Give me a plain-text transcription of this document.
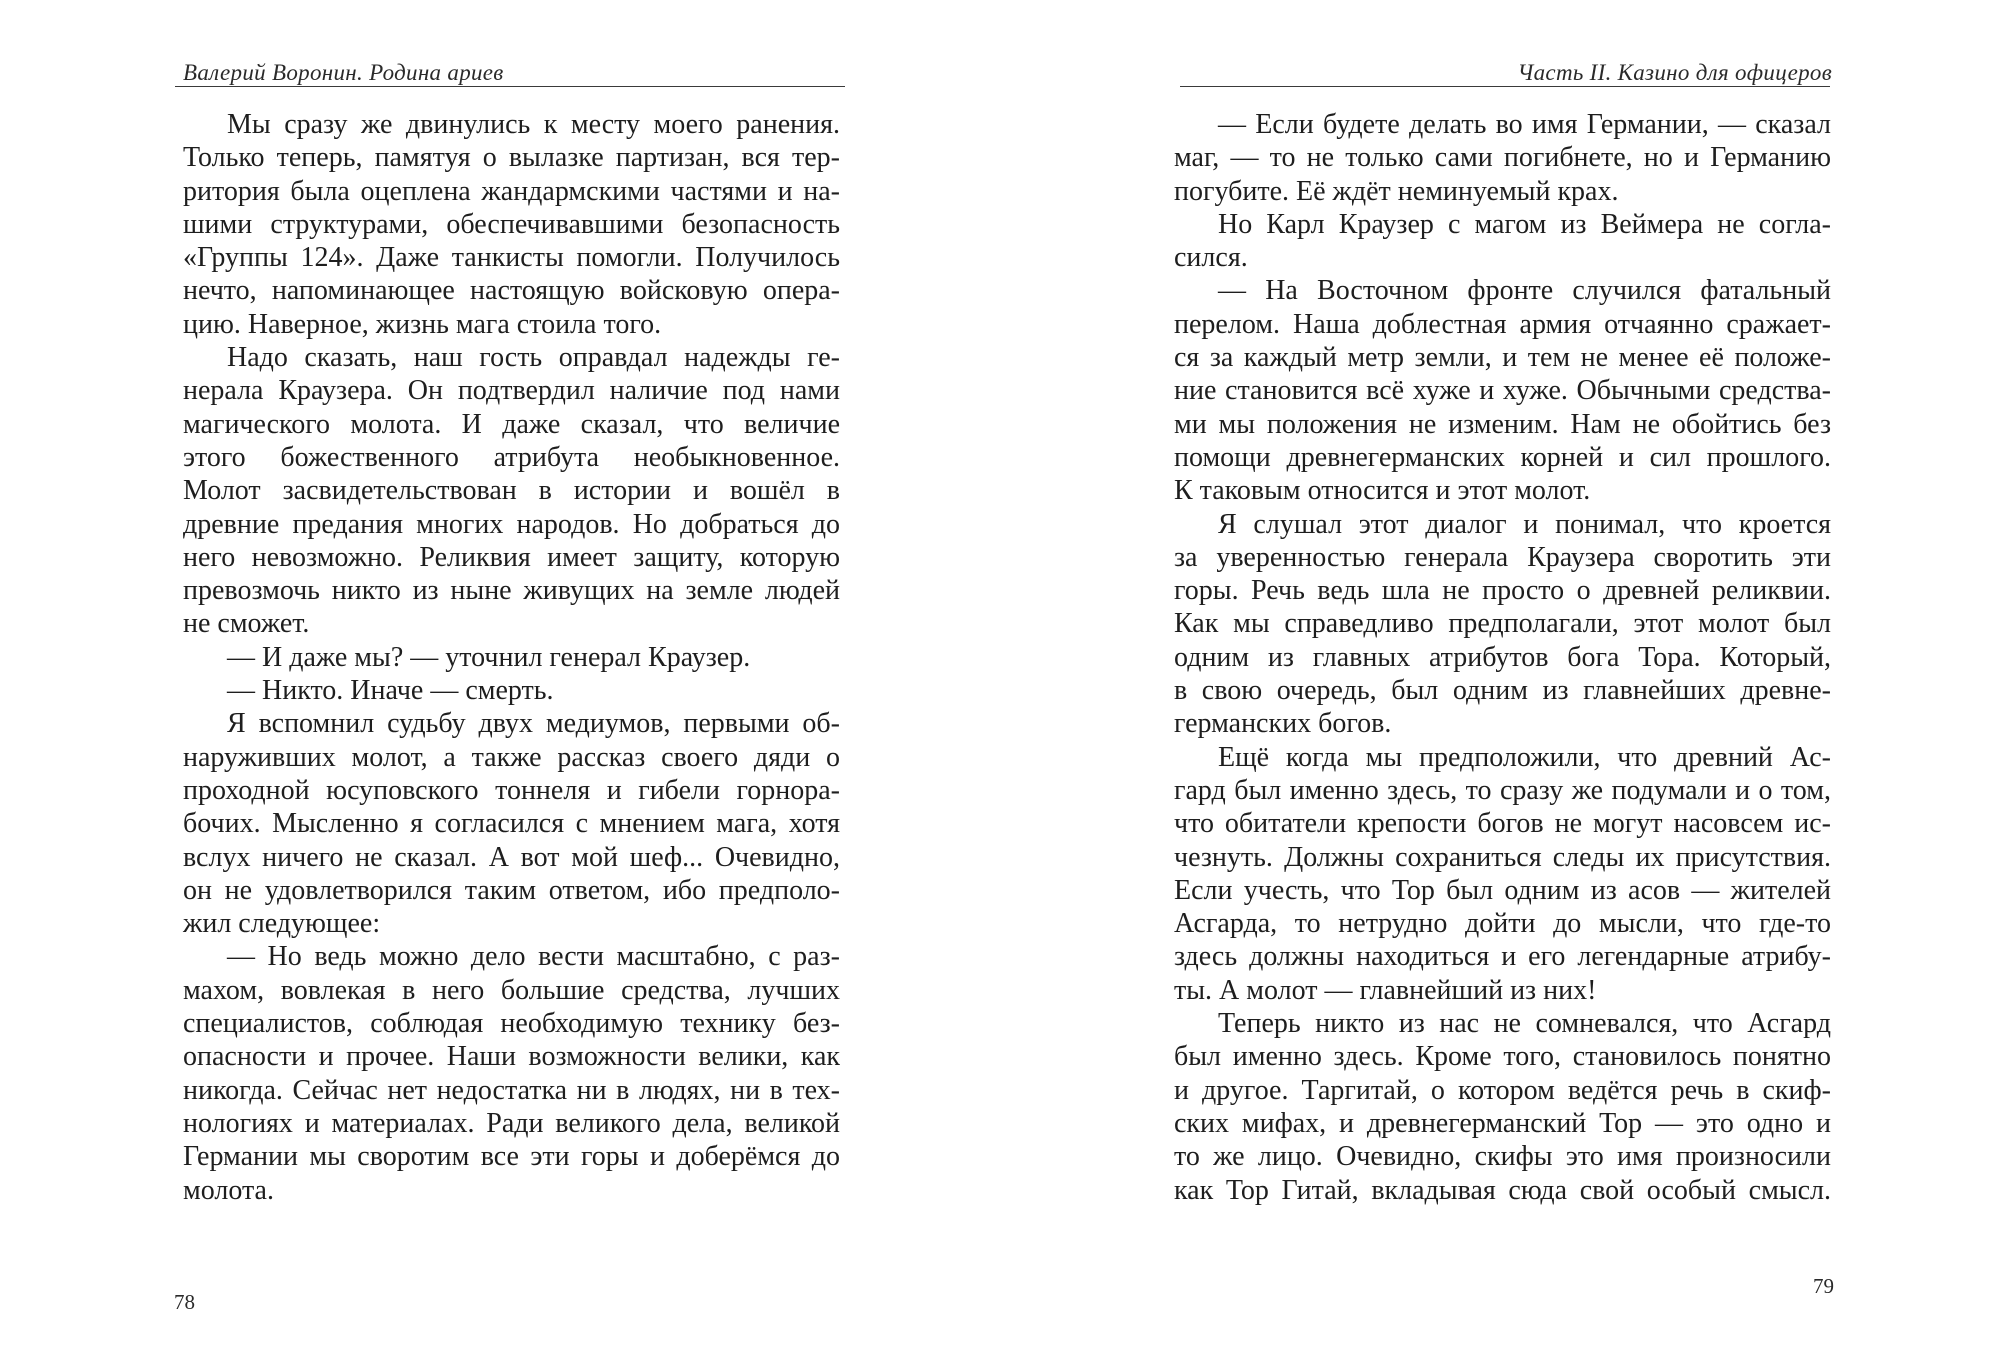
Валерий Воронин. Родина ариев
Мы сразу же двинулись к месту моего ранения.
Только теперь, памятуя о вылазке партизан, вся тер-
ритория была оцеплена жандармскими частями и на-
шими структурами, обеспечивавшими безопасность
«Группы 124». Даже танкисты помогли. Получилось
нечто, напоминающее настоящую войсковую опера-
цию. Наверное, жизнь мага стоила того.
Надо сказать, наш гость оправдал надежды ге-
нерала Краузера. Он подтвердил наличие под нами
магического молота. И даже сказал, что величие
этого божественного атрибута необыкновенное.
Молот засвидетельствован в истории и вошёл в
древние предания многих народов. Но добраться до
него невозможно. Реликвия имеет защиту, которую
превозмочь никто из ныне живущих на земле людей
не сможет.
— И даже мы? — уточнил генерал Краузер.
— Никто. Иначе — смерть.
Я вспомнил судьбу двух медиумов, первыми об-
наруживших молот, а также рассказ своего дяди о
проходной юсуповского тоннеля и гибели горнора-
бочих. Мысленно я согласился с мнением мага, хотя
вслух ничего не сказал. А вот мой шеф... Очевидно,
он не удовлетворился таким ответом, ибо предполо-
жил следующее:
— Но ведь можно дело вести масштабно, с раз-
махом, вовлекая в него большие средства, лучших
специалистов, соблюдая необходимую технику без-
опасности и прочее. Наши возможности велики, как
никогда. Сейчас нет недостатка ни в людях, ни в тех-
нологиях и материалах. Ради великого дела, великой
Германии мы своротим все эти горы и доберёмся до
молота.
78
Часть II. Казино для офицеров
— Если будете делать во имя Германии, — сказал
маг, — то не только сами погибнете, но и Германию
погубите. Её ждёт неминуемый крах.
Но Карл Краузер с магом из Веймера не согла-
сился.
— На Восточном фронте случился фатальный
перелом. Наша доблестная армия отчаянно сражает-
ся за каждый метр земли, и тем не менее её положе-
ние становится всё хуже и хуже. Обычными средства-
ми мы положения не изменим. Нам не обойтись без
помощи древнегерманских корней и сил прошлого.
К таковым относится и этот молот.
Я слушал этот диалог и понимал, что кроется
за уверенностью генерала Краузера своротить эти
горы. Речь ведь шла не просто о древней реликвии.
Как мы справедливо предполагали, этот молот был
одним из главных атрибутов бога Тора. Который,
в свою очередь, был одним из главнейших древне-
германских богов.
Ещё когда мы предположили, что древний Ас-
гард был именно здесь, то сразу же подумали и о том,
что обитатели крепости богов не могут насовсем ис-
чезнуть. Должны сохраниться следы их присутствия.
Если учесть, что Тор был одним из асов — жителей
Асгарда, то нетрудно дойти до мысли, что где-то
здесь должны находиться и его легендарные атрибу-
ты. А молот — главнейший из них!
Теперь никто из нас не сомневался, что Асгард
был именно здесь. Кроме того, становилось понятно
и другое. Таргитай, о котором ведётся речь в скиф-
ских мифах, и древнегерманский Тор — это одно и
то же лицо. Очевидно, скифы это имя произносили
как Тор Гитай, вкладывая сюда свой особый смысл.
79
